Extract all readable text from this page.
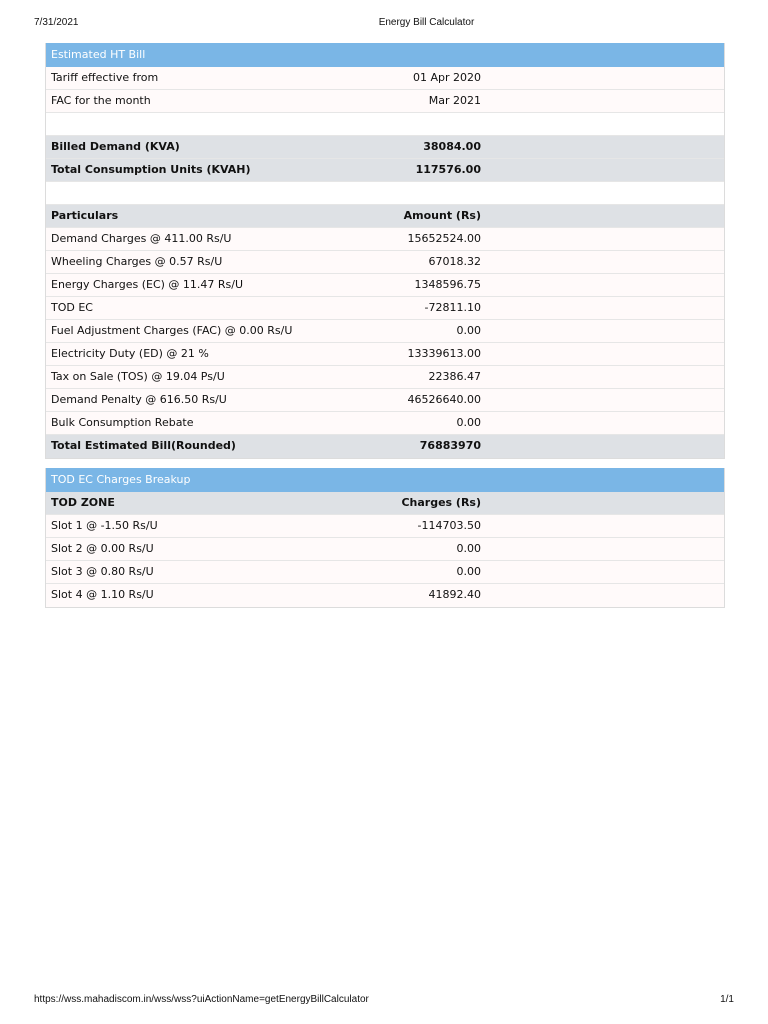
7/31/2021	Energy Bill Calculator
Estimated HT Bill
Tariff effective from	01 Apr 2020
FAC for the month	Mar 2021
Billed Demand (KVA)	38084.00
Total Consumption Units (KVAH)	117576.00
Particulars	Amount (Rs)
Demand Charges @ 411.00 Rs/U	15652524.00
Wheeling Charges @ 0.57 Rs/U	67018.32
Energy Charges (EC) @ 11.47 Rs/U	1348596.75
TOD EC	-72811.10
Fuel Adjustment Charges (FAC) @ 0.00 Rs/U	0.00
Electricity Duty (ED) @ 21 %	13339613.00
Tax on Sale (TOS) @ 19.04 Ps/U	22386.47
Demand Penalty @ 616.50 Rs/U	46526640.00
Bulk Consumption Rebate	0.00
Total Estimated Bill(Rounded)	76883970
TOD EC Charges Breakup
TOD ZONE	Charges (Rs)
Slot 1 @ -1.50 Rs/U	-114703.50
Slot 2 @ 0.00 Rs/U	0.00
Slot 3 @ 0.80 Rs/U	0.00
Slot 4 @ 1.10 Rs/U	41892.40
https://wss.mahadiscom.in/wss/wss?uiActionName=getEnergyBillCalculator	1/1
